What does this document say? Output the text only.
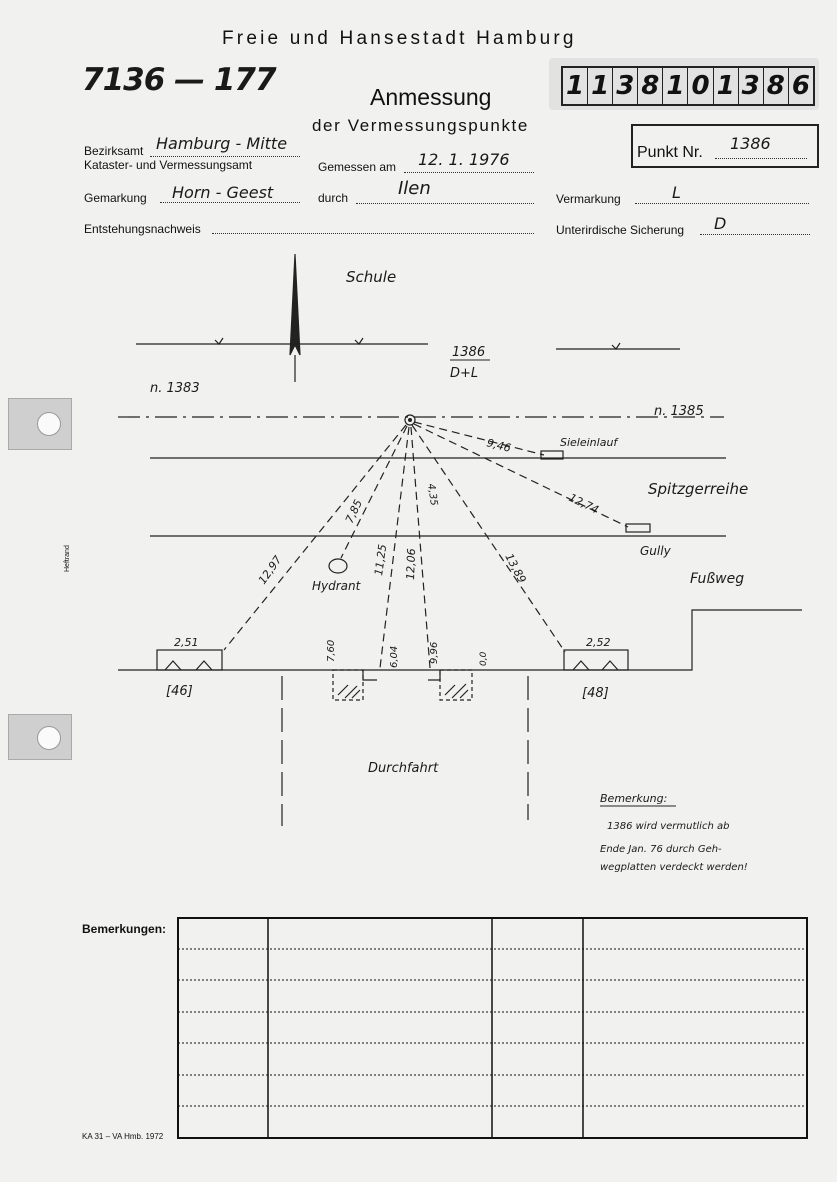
Heftrand
Freie und Hansestadt Hamburg
Anmessung
der Vermessungspunkte
7136 — 177	1 1 3 8 1 0 1 3 8 6
Punkt Nr. 1386
Bezirksamt Hamburg - Mitte
Kataster- und Vermessungsamt	Gemessen am 12. 1. 1976
Gemarkung Horn - Geest	durch	Ilen	Vermarkung	L
Entstehungsnachweis	Unterirdische Sicherung D
Schule
1386
D+L
n. 1383
n. 1385
Sieleinlauf
Spitzgerreihe
Gully
Hydrant	Fußweg
Durchfahrt
9,46
12,74
13,89
12,97
7,85
11,25 12,06
4,35
2,51	2,52
7,60	6,04	9,96	0,0
[46]	[48]
Bemerkung:
1386 wird vermutlich ab
Ende Jan. 76 durch Geh-
wegplatten verdeckt werden!
Bemerkungen:
KA 31 – VA Hmb. 1972
